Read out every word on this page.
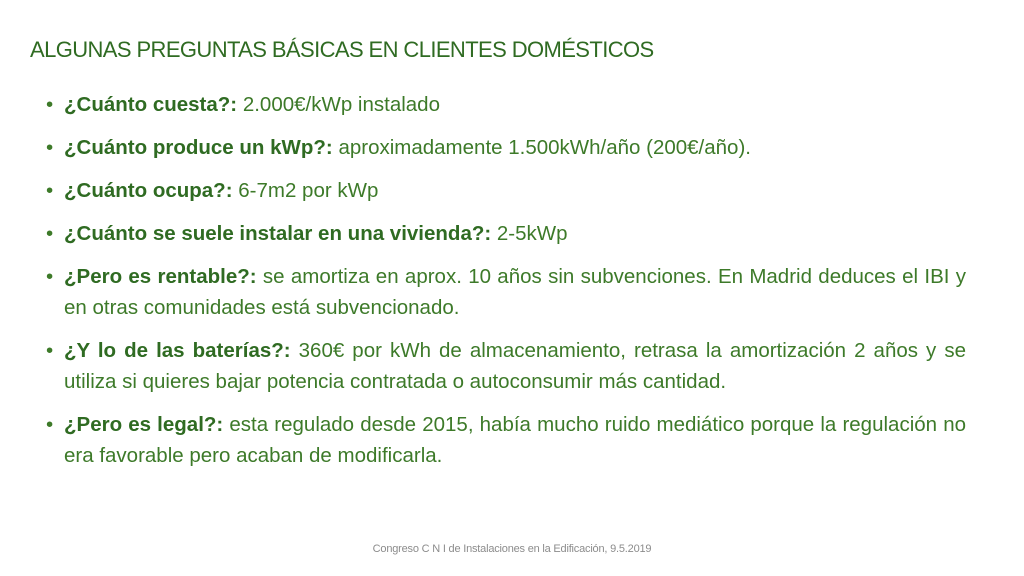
ALGUNAS PREGUNTAS BÁSICAS EN CLIENTES DOMÉSTICOS
• ¿Cuánto cuesta?: 2.000€/kWp instalado
• ¿Cuánto produce un kWp?: aproximadamente 1.500kWh/año (200€/año).
• ¿Cuánto ocupa?: 6-7m2 por kWp
• ¿Cuánto se suele instalar en una vivienda?: 2-5kWp
• ¿Pero es rentable?: se amortiza en aprox. 10 años sin subvenciones. En Madrid deduces el IBI y en otras comunidades está subvencionado.
• ¿Y lo de las baterías?: 360€ por kWh de almacenamiento, retrasa la amortización 2 años y se utiliza si quieres bajar potencia contratada o autoconsumir más cantidad.
• ¿Pero es legal?: esta regulado desde 2015, había mucho ruido mediático porque la regulación no era favorable pero acaban de modificarla.
Congreso C N I de Instalaciones en la Edificación, 9.5.2019
